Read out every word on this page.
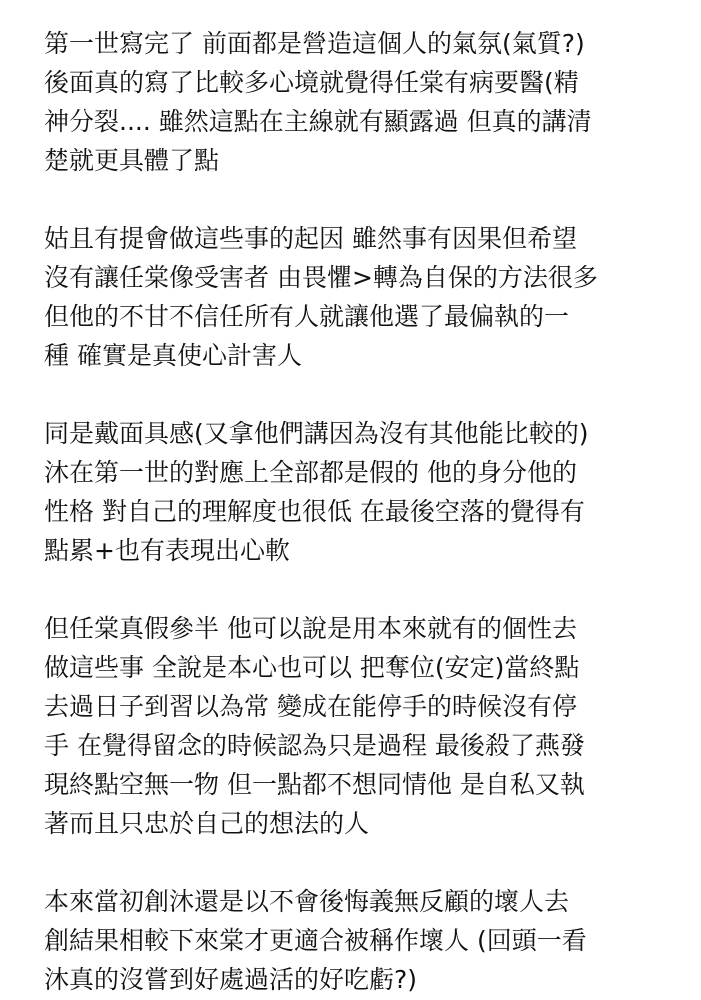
第一世寫完了 前面都是營造這個人的氣氛(氣質?)
後面真的寫了比較多心境就覺得任棠有病要醫(精
神分裂.... 雖然這點在主線就有顯露過 但真的講清
楚就更具體了點
姑且有提會做這些事的起因 雖然事有因果但希望
沒有讓任棠像受害者 由畏懼>轉為自保的方法很多
但他的不甘不信任所有人就讓他選了最偏執的一
種 確實是真使心計害人
同是戴面具感(又拿他們講因為沒有其他能比較的)
沐在第一世的對應上全部都是假的 他的身分他的
性格 對自己的理解度也很低 在最後空落的覺得有
點累+也有表現出心軟
但任棠真假參半 他可以說是用本來就有的個性去
做這些事 全說是本心也可以 把奪位(安定)當終點
去過日子到習以為常 變成在能停手的時候沒有停
手 在覺得留念的時候認為只是過程 最後殺了燕發
現終點空無一物 但一點都不想同情他 是自私又執
著而且只忠於自己的想法的人
本來當初創沐還是以不會後悔義無反顧的壞人去
創結果相較下來棠才更適合被稱作壞人 (回頭一看
沐真的沒嘗到好處過活的好吃虧?)
